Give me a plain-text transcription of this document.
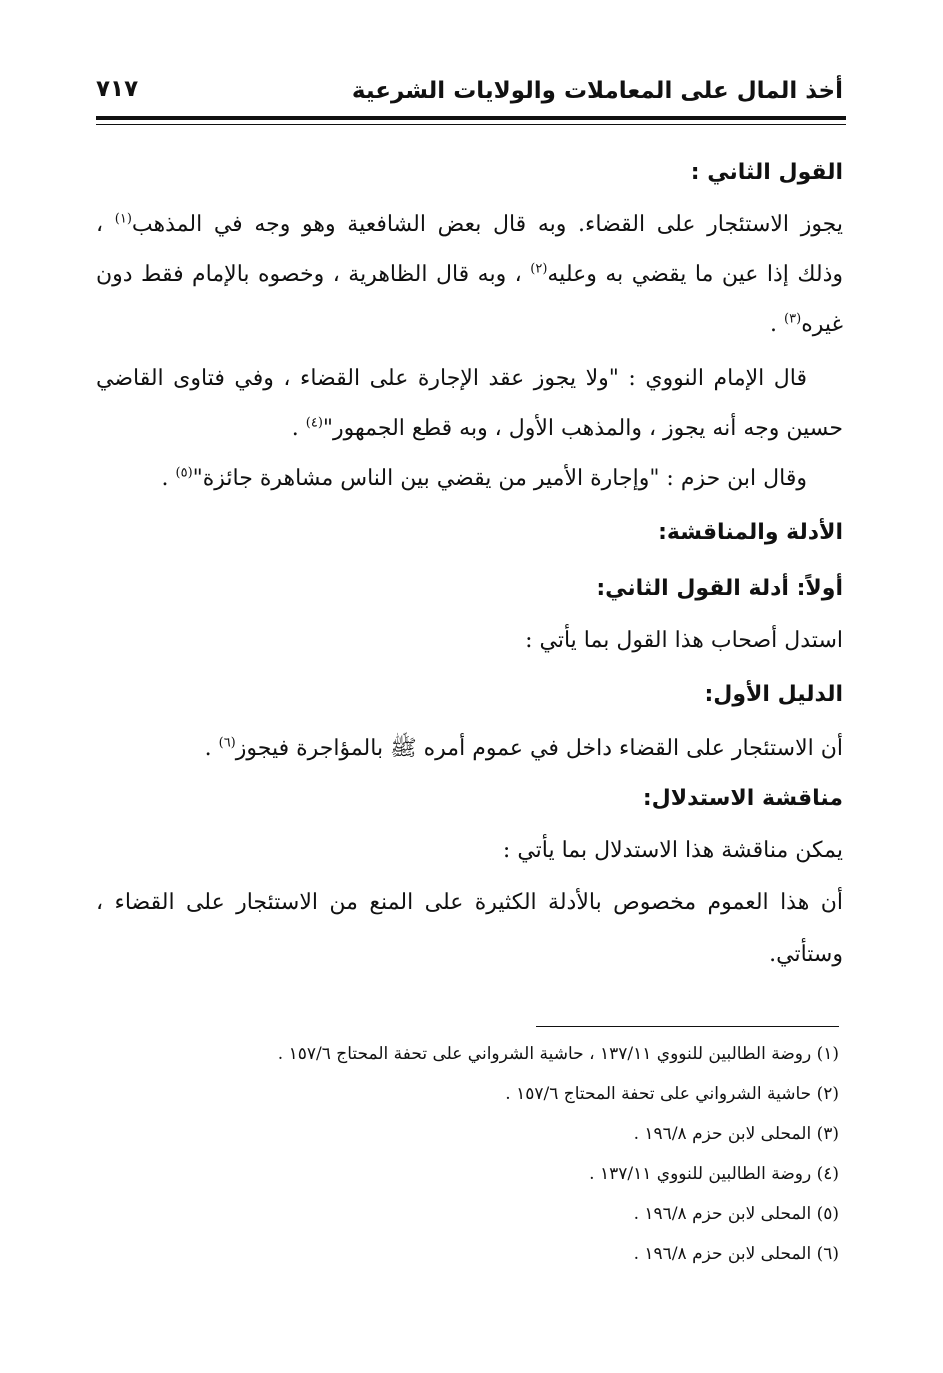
أخذ المال على المعاملات والولايات الشرعية
٧١٧
القول الثاني :
يجوز الاستئجار على القضاء. وبه قال بعض الشافعية وهو وجه في المذهب$^{(١)}$ ،
وذلك إذا عين ما يقضي به وعليه$^{(٢)}$ ، وبه قال الظاهرية ، وخصوه بالإمام فقط دون
غيره$^{(٣)}$ .
قال الإمام النووي : "ولا يجوز عقد الإجارة على القضاء ، وفي فتاوى القاضي
حسين وجه أنه يجوز ، والمذهب الأول ، وبه قطع الجمهور"$^{(٤)}$ .
وقال ابن حزم : "وإجارة الأمير من يقضي بين الناس مشاهرة جائزة"$^{(٥)}$ .
الأدلة والمناقشة:
أولاً: أدلة القول الثاني:
استدل أصحاب هذا القول بما يأتي :
الدليل الأول:
أن الاستئجار على القضاء داخل في عموم أمره ﷺ بالمؤاجرة فيجوز$^{(٦)}$ .
مناقشة الاستدلال:
يمكن مناقشة هذا الاستدلال بما يأتي :
أن هذا العموم مخصوص بالأدلة الكثيرة على المنع من الاستئجار على القضاء ،
وستأتي.
(١) روضة الطالبين للنووي ١٣٧/١١ ، حاشية الشرواني على تحفة المحتاج ١٥٧/٦ .
(٢) حاشية الشرواني على تحفة المحتاج ١٥٧/٦ .
(٣) المحلى لابن حزم ١٩٦/٨ .
(٤) روضة الطالبين للنووي ١٣٧/١١ .
(٥) المحلى لابن حزم ١٩٦/٨ .
(٦) المحلى لابن حزم ١٩٦/٨ .
